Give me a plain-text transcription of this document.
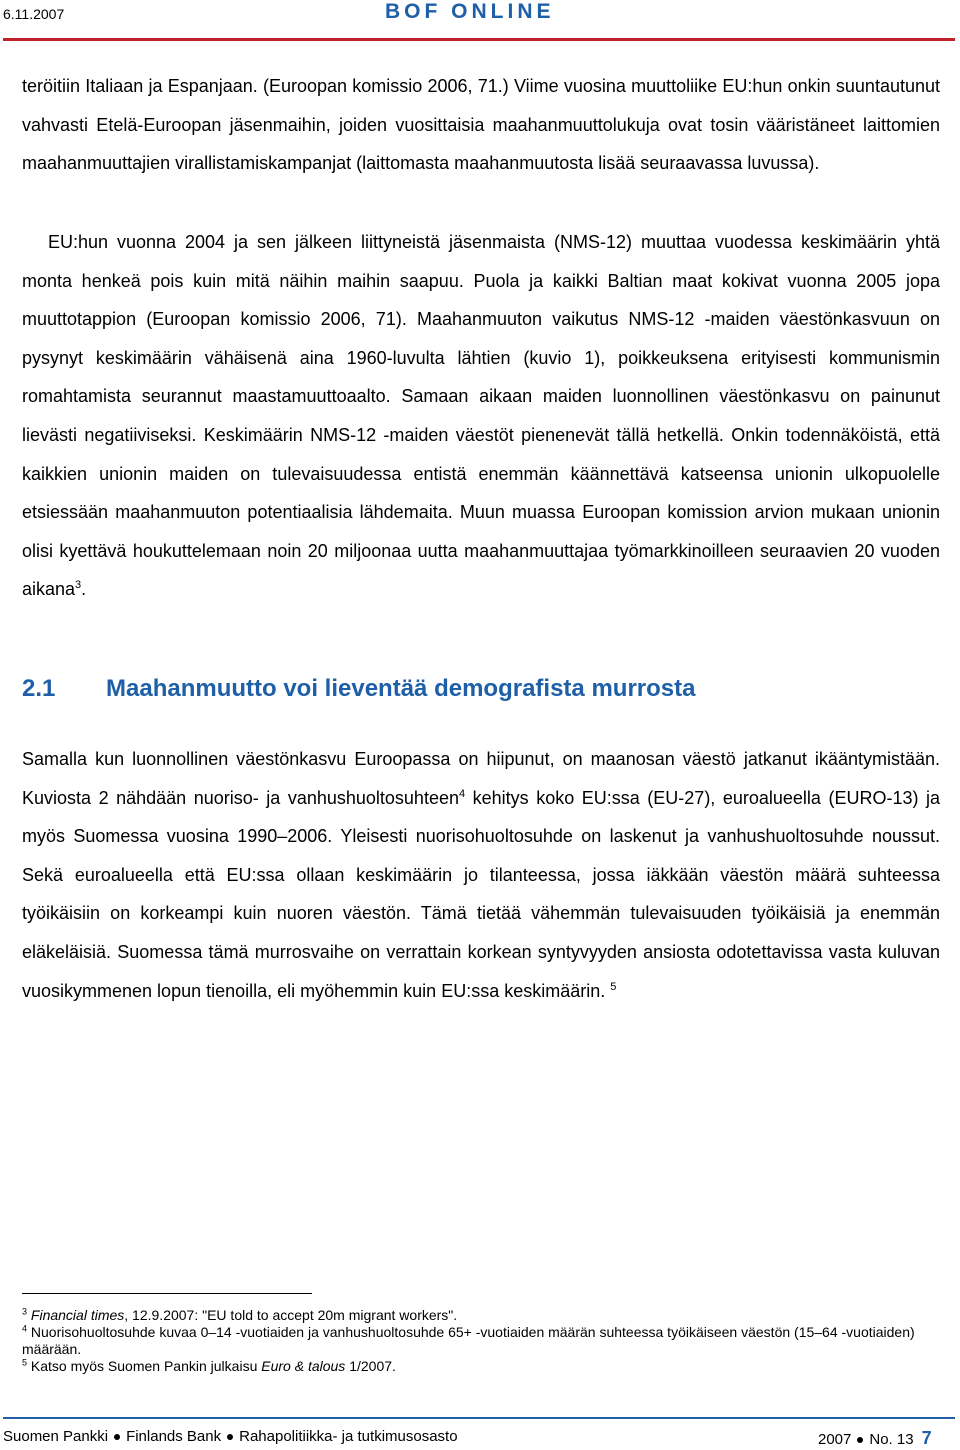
6.11.2007	BOF ONLINE
teröitiin Italiaan ja Espanjaan. (Euroopan komissio 2006, 71.) Viime vuosina muuttoliike EU:hun onkin suuntautunut vahvasti Etelä-Euroopan jäsenmaihin, joiden vuosittaisia maahanmuuttolukuja ovat tosin vääristäneet laittomien maahanmuuttajien virallistamiskampanjat (laittomasta maahanmuutosta lisää seuraavassa luvussa).
EU:hun vuonna 2004 ja sen jälkeen liittyneistä jäsenmaista (NMS-12) muuttaa vuodessa keskimäärin yhtä monta henkeä pois kuin mitä näihin maihin saapuu. Puola ja kaikki Baltian maat kokivat vuonna 2005 jopa muuttotappion (Euroopan komissio 2006, 71). Maahanmuuton vaikutus NMS-12 -maiden väestönkasvuun on pysynyt keskimäärin vähäisenä aina 1960-luvulta lähtien (kuvio 1), poikkeuksena erityisesti kommunismin romahtamista seurannut maastamuuttoaalto. Samaan aikaan maiden luonnollinen väestönkasvu on painunut lievästi negatiiviseksi. Keskimäärin NMS-12 -maiden väestöt pienenevät tällä hetkellä. Onkin todennäköistä, että kaikkien unionin maiden on tulevaisuudessa entistä enemmän käännettävä katseensa unionin ulkopuolelle etsiessään maahanmuuton potentiaalisia lähdemaita. Muun muassa Euroopan komission arvion mukaan unionin olisi kyettävä houkuttelemaan noin 20 miljoonaa uutta maahanmuuttajaa työmarkkinoilleen seuraavien 20 vuoden aikana$^3$.
2.1 Maahanmuutto voi lieventää demografista murrosta
Samalla kun luonnollinen väestönkasvu Euroopassa on hiipunut, on maanosan väestö jatkanut ikääntymistään. Kuviosta 2 nähdään nuoriso- ja vanhushuoltosuhteen$^4$ kehitys koko EU:ssa (EU-27), euroalueella (EURO-13) ja myös Suomessa vuosina 1990–2006. Yleisesti nuorisohuoltosuhde on laskenut ja vanhushuoltosuhde noussut. Sekä euroalueella että EU:ssa ollaan keskimäärin jo tilanteessa, jossa iäkkään väestön määrä suhteessa työikäisiin on korkeampi kuin nuoren väestön. Tämä tietää vähemmän tulevaisuuden työikäisiä ja enemmän eläkeläisiä. Suomessa tämä murrosvaihe on verrattain korkean syntyvyyden ansiosta odotettavissa vasta kuluvan vuosikymmenen lopun tienoilla, eli myöhemmin kuin EU:ssa keskimäärin. $^5$
$^3$ Financial times, 12.9.2007: "EU told to accept 20m migrant workers".
$^4$ Nuorisohuoltosuhde kuvaa 0–14 -vuotiaiden ja vanhushuoltosuhde 65+ -vuotiaiden määrän suhteessa työikäiseen väestön (15–64 -vuotiaiden) määrään.
$^5$ Katso myös Suomen Pankin julkaisu Euro & talous 1/2007.
Suomen Pankki Finlands Bank Rahapolitiikka- ja tutkimusosasto	2007 No. 13 7
